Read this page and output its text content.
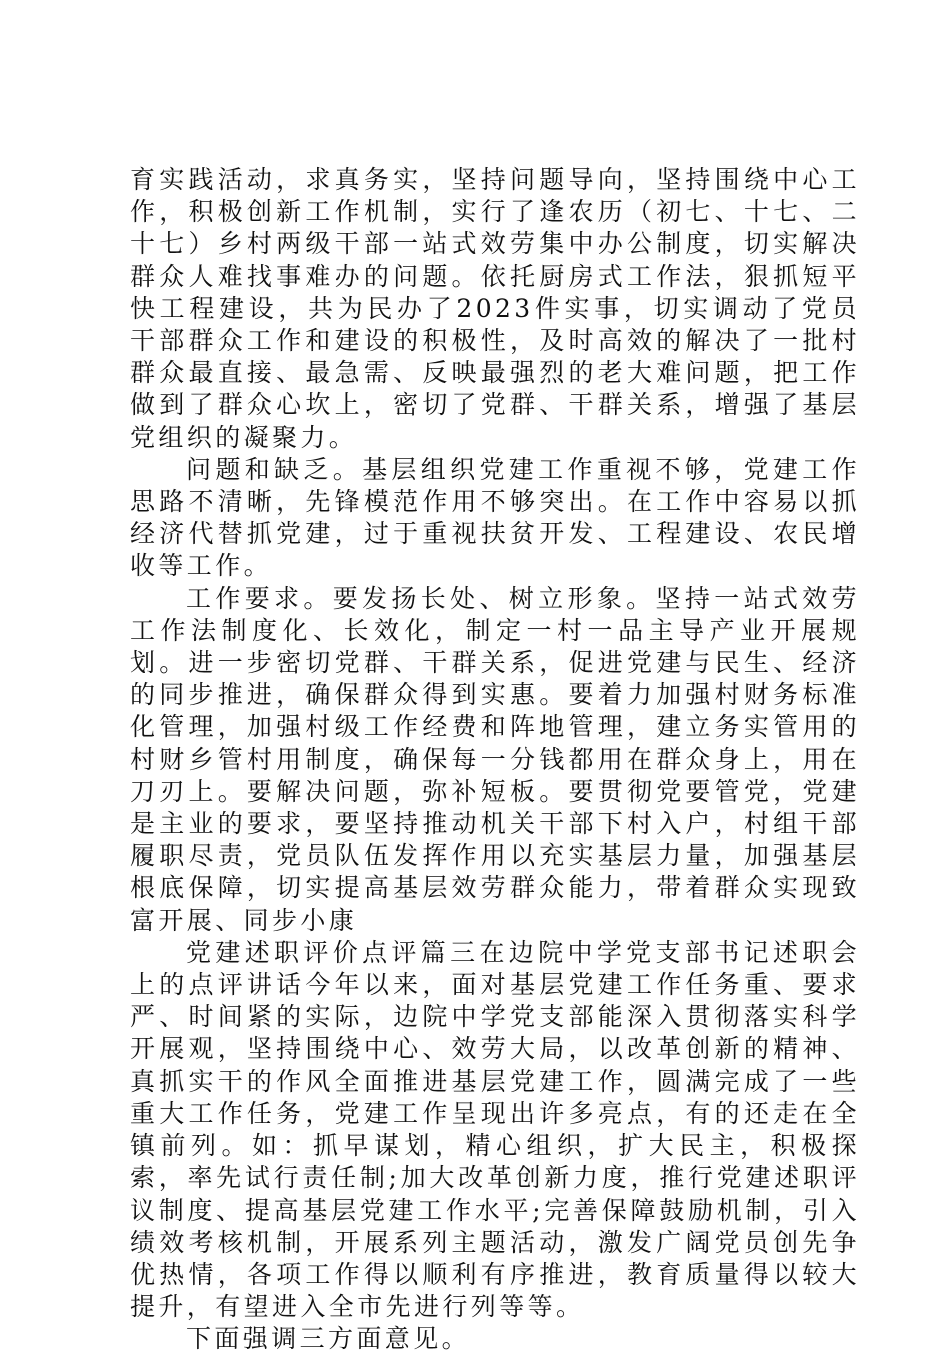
育实践活动，求真务实，坚持问题导向，坚持围绕中心工作，积极创新工作机制，实行了逢农历（初七、十七、二十七）乡村两级干部一站式效劳集中办公制度，切实解决群众人难找事难办的问题。依托厨房式工作法，狠抓短平快工程建设，共为民办了2023件实事，切实调动了党员干部群众工作和建设的积极性，及时高效的解决了一批村群众最直接、最急需、反映最强烈的老大难问题，把工作做到了群众心坎上，密切了党群、干群关系，增强了基层党组织的凝聚力。

问题和缺乏。基层组织党建工作重视不够，党建工作思路不清晰，先锋模范作用不够突出。在工作中容易以抓经济代替抓党建，过于重视扶贫开发、工程建设、农民增收等工作。

工作要求。要发扬长处、树立形象。坚持一站式效劳工作法制度化、长效化，制定一村一品主导产业开展规划。进一步密切党群、干群关系，促进党建与民生、经济的同步推进，确保群众得到实惠。要着力加强村财务标准化管理，加强村级工作经费和阵地管理，建立务实管用的村财乡管村用制度，确保每一分钱都用在群众身上，用在刀刃上。要解决问题，弥补短板。要贯彻党要管党，党建是主业的要求，要坚持推动机关干部下村入户，村组干部履职尽责，党员队伍发挥作用以充实基层力量，加强基层根底保障，切实提高基层效劳群众能力，带着群众实现致富开展、同步小康

党建述职评价点评篇三在边院中学党支部书记述职会上的点评讲话今年以来，面对基层党建工作任务重、要求严、时间紧的实际，边院中学党支部能深入贯彻落实科学开展观，坚持围绕中心、效劳大局，以改革创新的精神、真抓实干的作风全面推进基层党建工作，圆满完成了一些重大工作任务，党建工作呈现出许多亮点，有的还走在全镇前列。如：抓早谋划，精心组织，扩大民主，积极探索，率先试行责任制;加大改革创新力度，推行党建述职评议制度、提高基层党建工作水平;完善保障鼓励机制，引入绩效考核机制，开展系列主题活动，激发广阔党员创先争优热情，各项工作得以顺利有序推进，教育质量得以较大提升，有望进入全市先进行列等等。

下面强调三方面意见。
